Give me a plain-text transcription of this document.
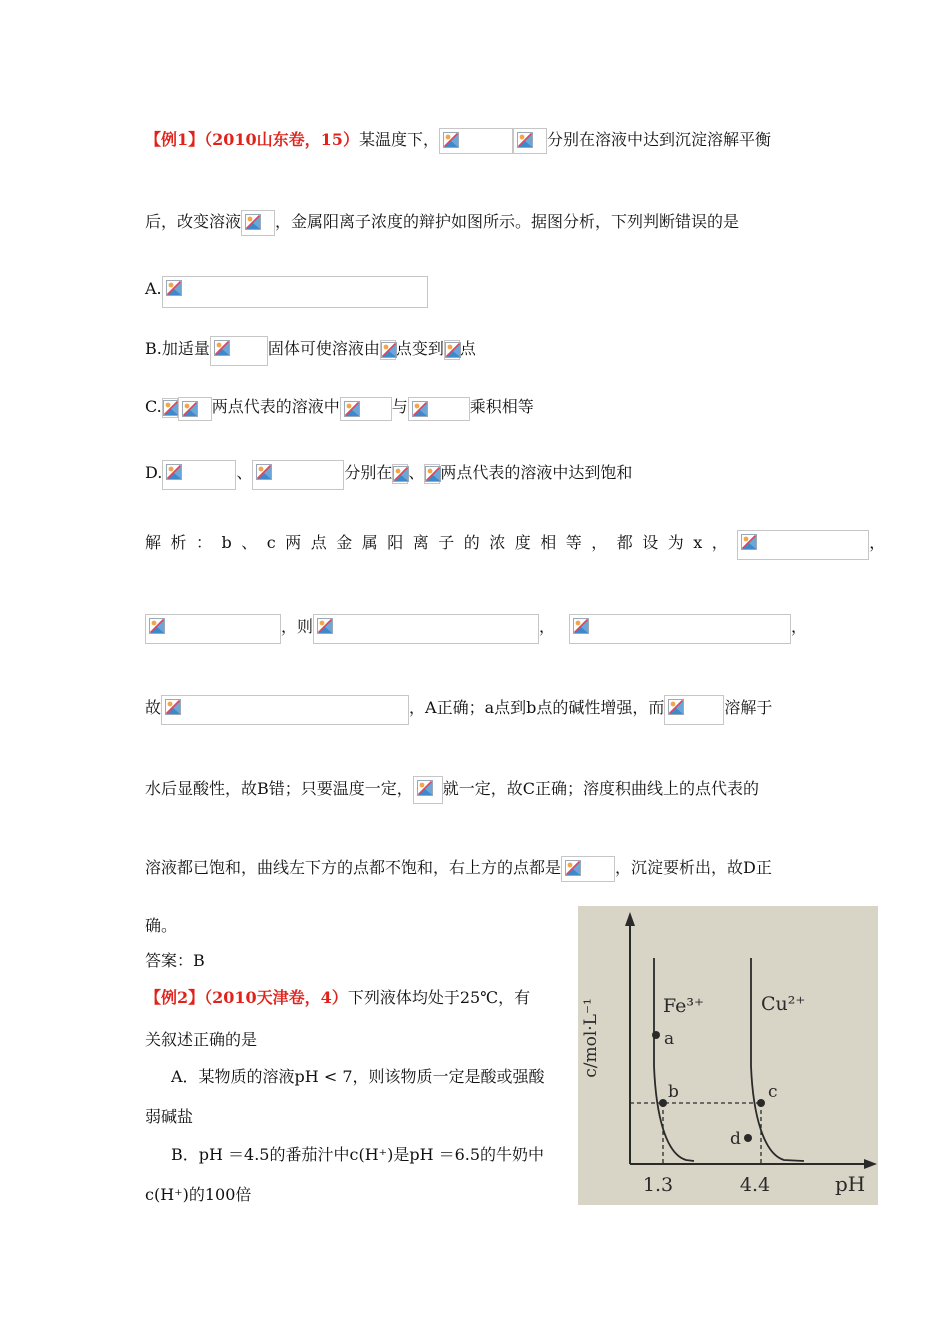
【例1】（2010山东卷，15）某温度下，	分别在溶液中达到沉淀溶解平衡
后，改变溶液 ，金属阳离子浓度的辩护如图所示。据图分析，下列判断错误的是
A.
B.加适量	固体可使溶液由 点变到 点
C.	两点代表的溶液中	与	乘积相等
D.	、	分别在 、 两点代表的溶液中达到饱和
解析：b、c两点金属阳离子的浓度相等，都设为x，	，
，则	，	，
故	，A正确；a点到b点的碱性增强，而	溶解于
水后显酸性，故B错；只要温度一定， 就一定，故C正确；溶度积曲线上的点代表的
溶液都已饱和，曲线左下方的点都不饱和，右上方的点都是	，沉淀要析出，故D正
确。
答案：B
【例2】（2010天津卷，4）下列液体均处于25℃，有
关叙述正确的是
A．某物质的溶液pH < 7，则该物质一定是酸或强酸
弱碱盐
B．pH ＝4.5的番茄汁中c(H⁺)是pH ＝6.5的牛奶中
c(H⁺)的100倍
c/mol·L⁻¹
pH
Fe³⁺	Cu²⁺
a
b	c
d
1.3	4.4
